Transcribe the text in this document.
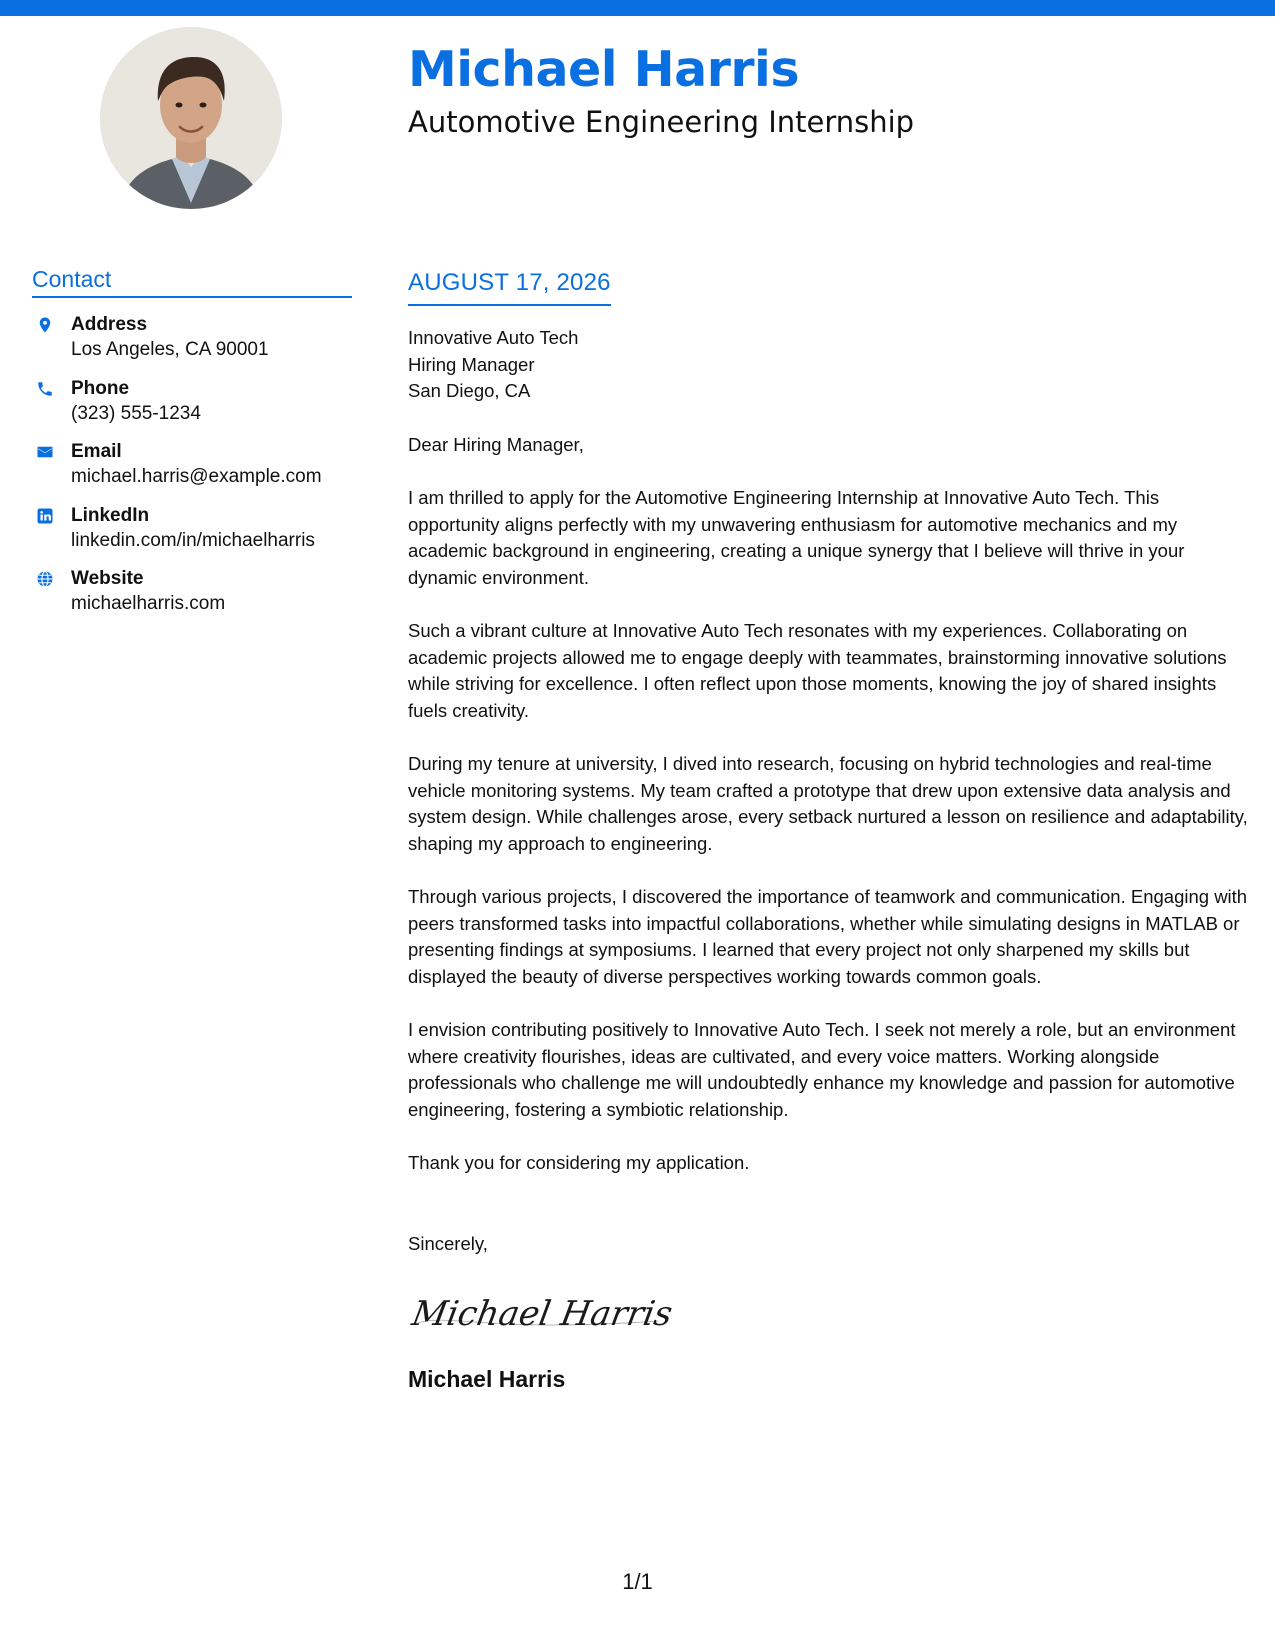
Michael Harris
Automotive Engineering Internship
Contact
Address
Los Angeles, CA 90001
Phone
(323) 555-1234
Email
michael.harris@example.com
LinkedIn
linkedin.com/in/michaelharris
Website
michaelharris.com
AUGUST 17, 2026
Innovative Auto Tech
Hiring Manager
San Diego, CA
Dear Hiring Manager,

I am thrilled to apply for the Automotive Engineering Internship at Innovative Auto Tech. This opportunity aligns perfectly with my unwavering enthusiasm for automotive mechanics and my academic background in engineering, creating a unique synergy that I believe will thrive in your dynamic environment.

Such a vibrant culture at Innovative Auto Tech resonates with my experiences. Collaborating on academic projects allowed me to engage deeply with teammates, brainstorming innovative solutions while striving for excellence. I often reflect upon those moments, knowing the joy of shared insights fuels creativity.

During my tenure at university, I dived into research, focusing on hybrid technologies and real-time vehicle monitoring systems. My team crafted a prototype that drew upon extensive data analysis and system design. While challenges arose, every setback nurtured a lesson on resilience and adaptability, shaping my approach to engineering.

Through various projects, I discovered the importance of teamwork and communication. Engaging with peers transformed tasks into impactful collaborations, whether while simulating designs in MATLAB or presenting findings at symposiums. I learned that every project not only sharpened my skills but displayed the beauty of diverse perspectives working towards common goals.

I envision contributing positively to Innovative Auto Tech. I seek not merely a role, but an environment where creativity flourishes, ideas are cultivated, and every voice matters. Working alongside professionals who challenge me will undoubtedly enhance my knowledge and passion for automotive engineering, fostering a symbiotic relationship.

Thank you for considering my application.

Sincerely,
Michael Harris
Michael Harris
1/1
